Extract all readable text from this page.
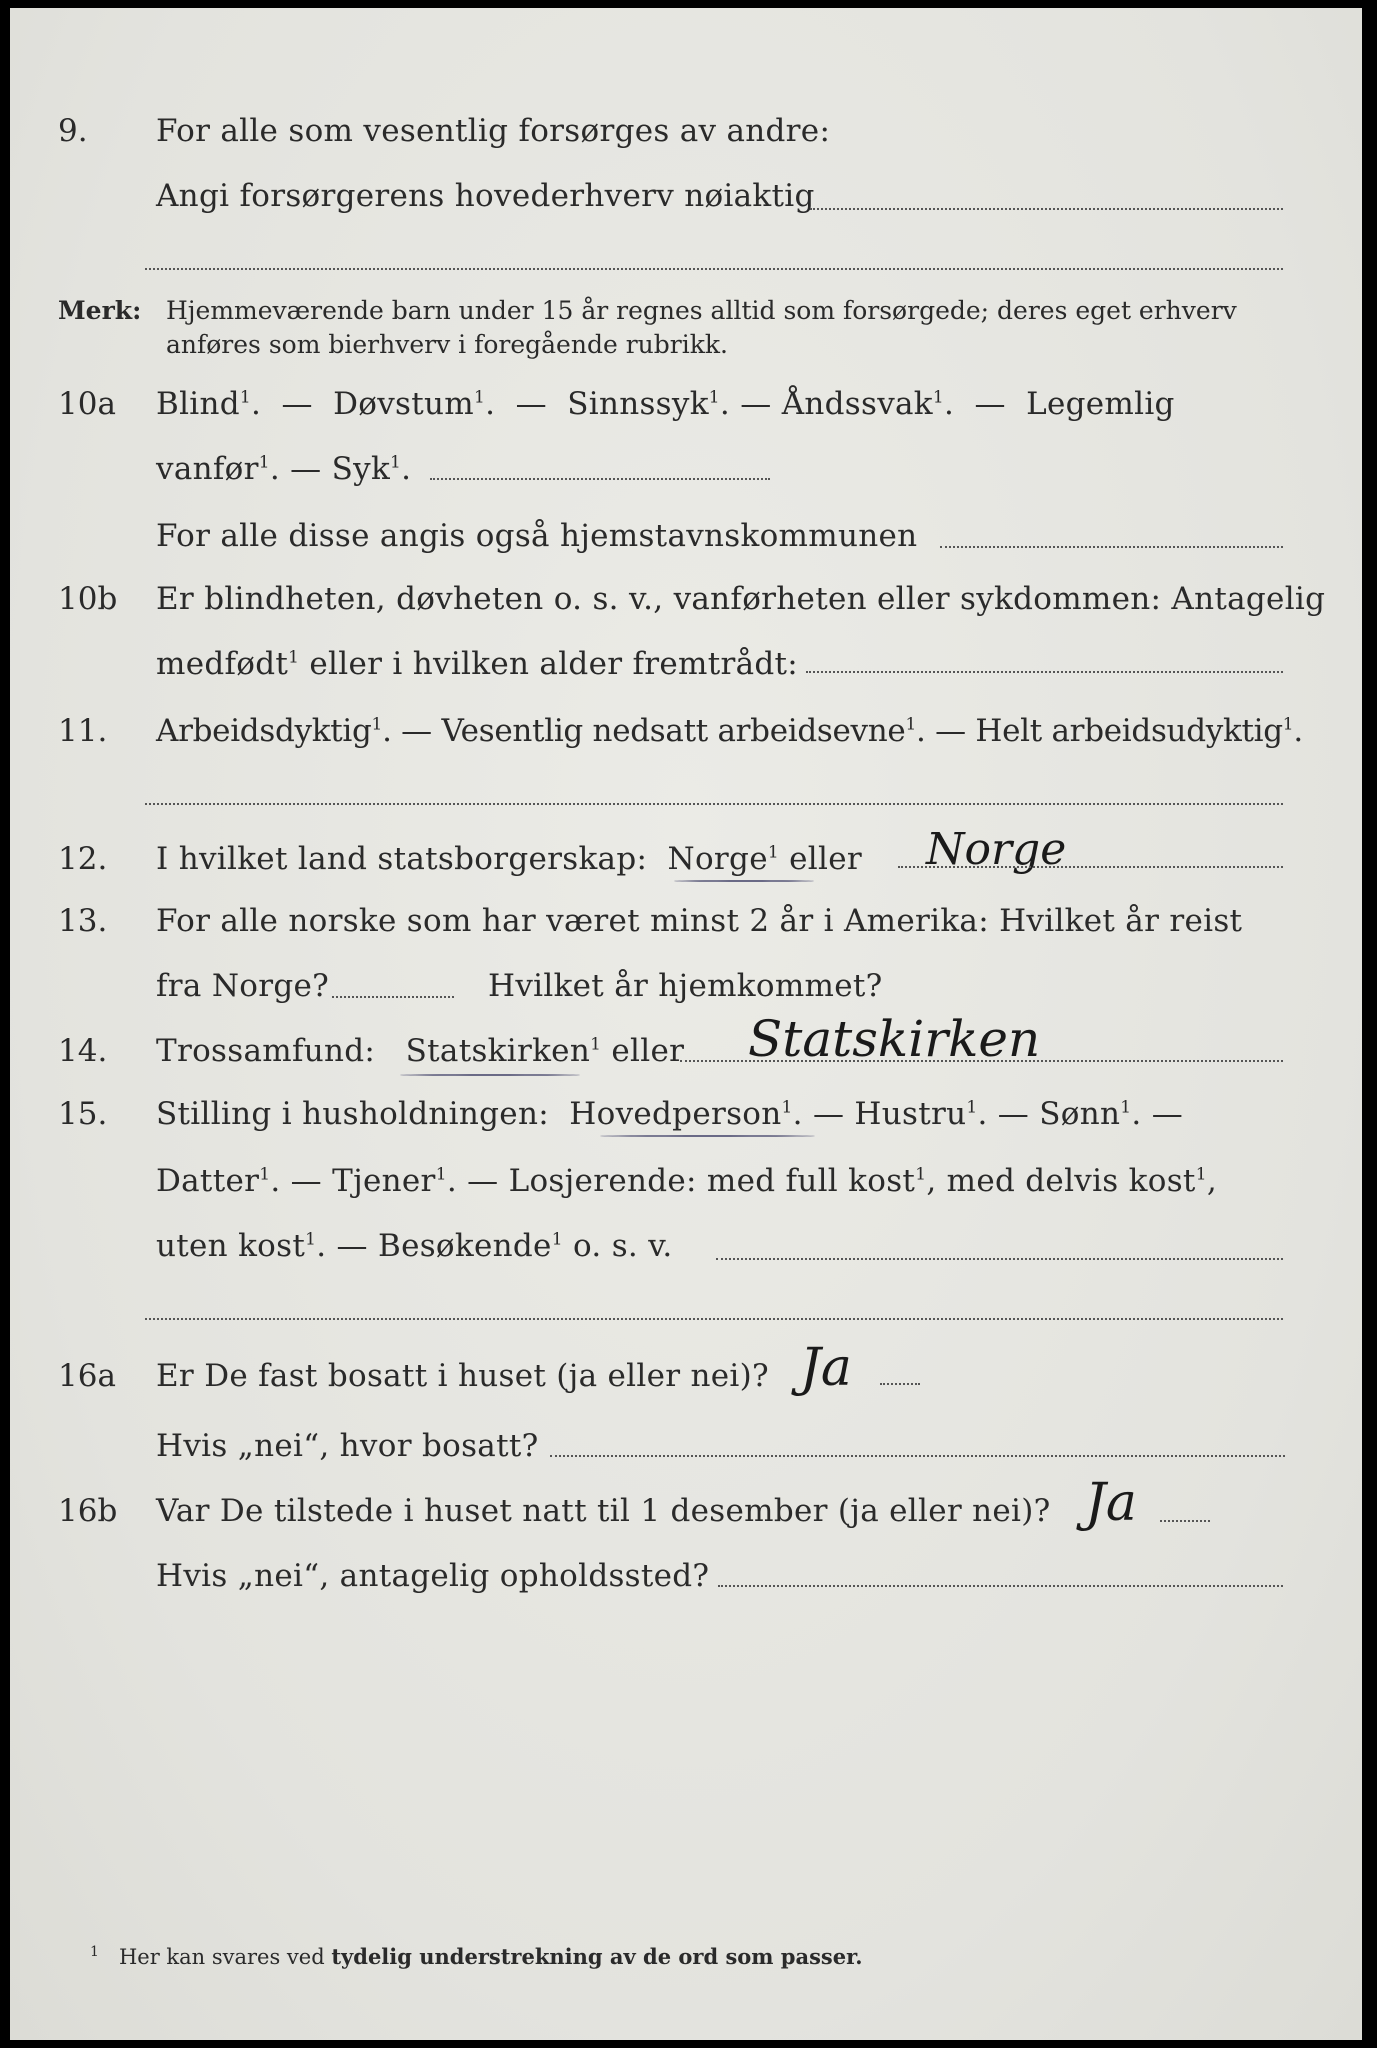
9. For alle som vesentlig forsørges av andre:
Angi forsørgerens hovederhverv nøiaktig
Merk: Hjemmeværende barn under 15 år regnes alltid som forsørgede; deres eget erhverv
anføres som bierhverv i foregående rubrikk.
10a Blind$^1$.  —  Døvstum$^1$.  —  Sinnssyk$^1$. — Åndssvak$^1$.  —  Legemlig
vanfør$^1$. — Syk$^1$.
For alle disse angis også hjemstavnskommunen
10b Er blindheten, døvheten o. s. v., vanførheten eller sykdommen: Antagelig
medfødt$^1$ eller i hvilken alder fremtrådt:
11. Arbeidsdyktig$^1$. — Vesentlig nedsatt arbeidsevne$^1$. — Helt arbeidsudyktig$^1$.
12. I hvilket land statsborgerskap: Norge$^1$ eller Norge
13. For alle norske som har været minst 2 år i Amerika: Hvilket år reist
fra Norge?	Hvilket år hjemkommet?
14. Trossamfund: Statskirken$^1$ eller Statskirken
15. Stilling i husholdningen: Hovedperson$^1$. — Hustru$^1$. — Sønn$^1$. —
Datter$^1$. — Tjener$^1$. — Losjerende: med full kost$^1$, med delvis kost$^1$,
uten kost$^1$. — Besøkende$^1$ o. s. v.
16a Er De fast bosatt i huset (ja eller nei)? Ja
Hvis „nei“, hvor bosatt?
16b Var De tilstede i huset natt til 1 desember (ja eller nei)? Ja
Hvis „nei“, antagelig opholdssted?
$^1$ Her kan svares ved tydelig understrekning av de ord som passer.
